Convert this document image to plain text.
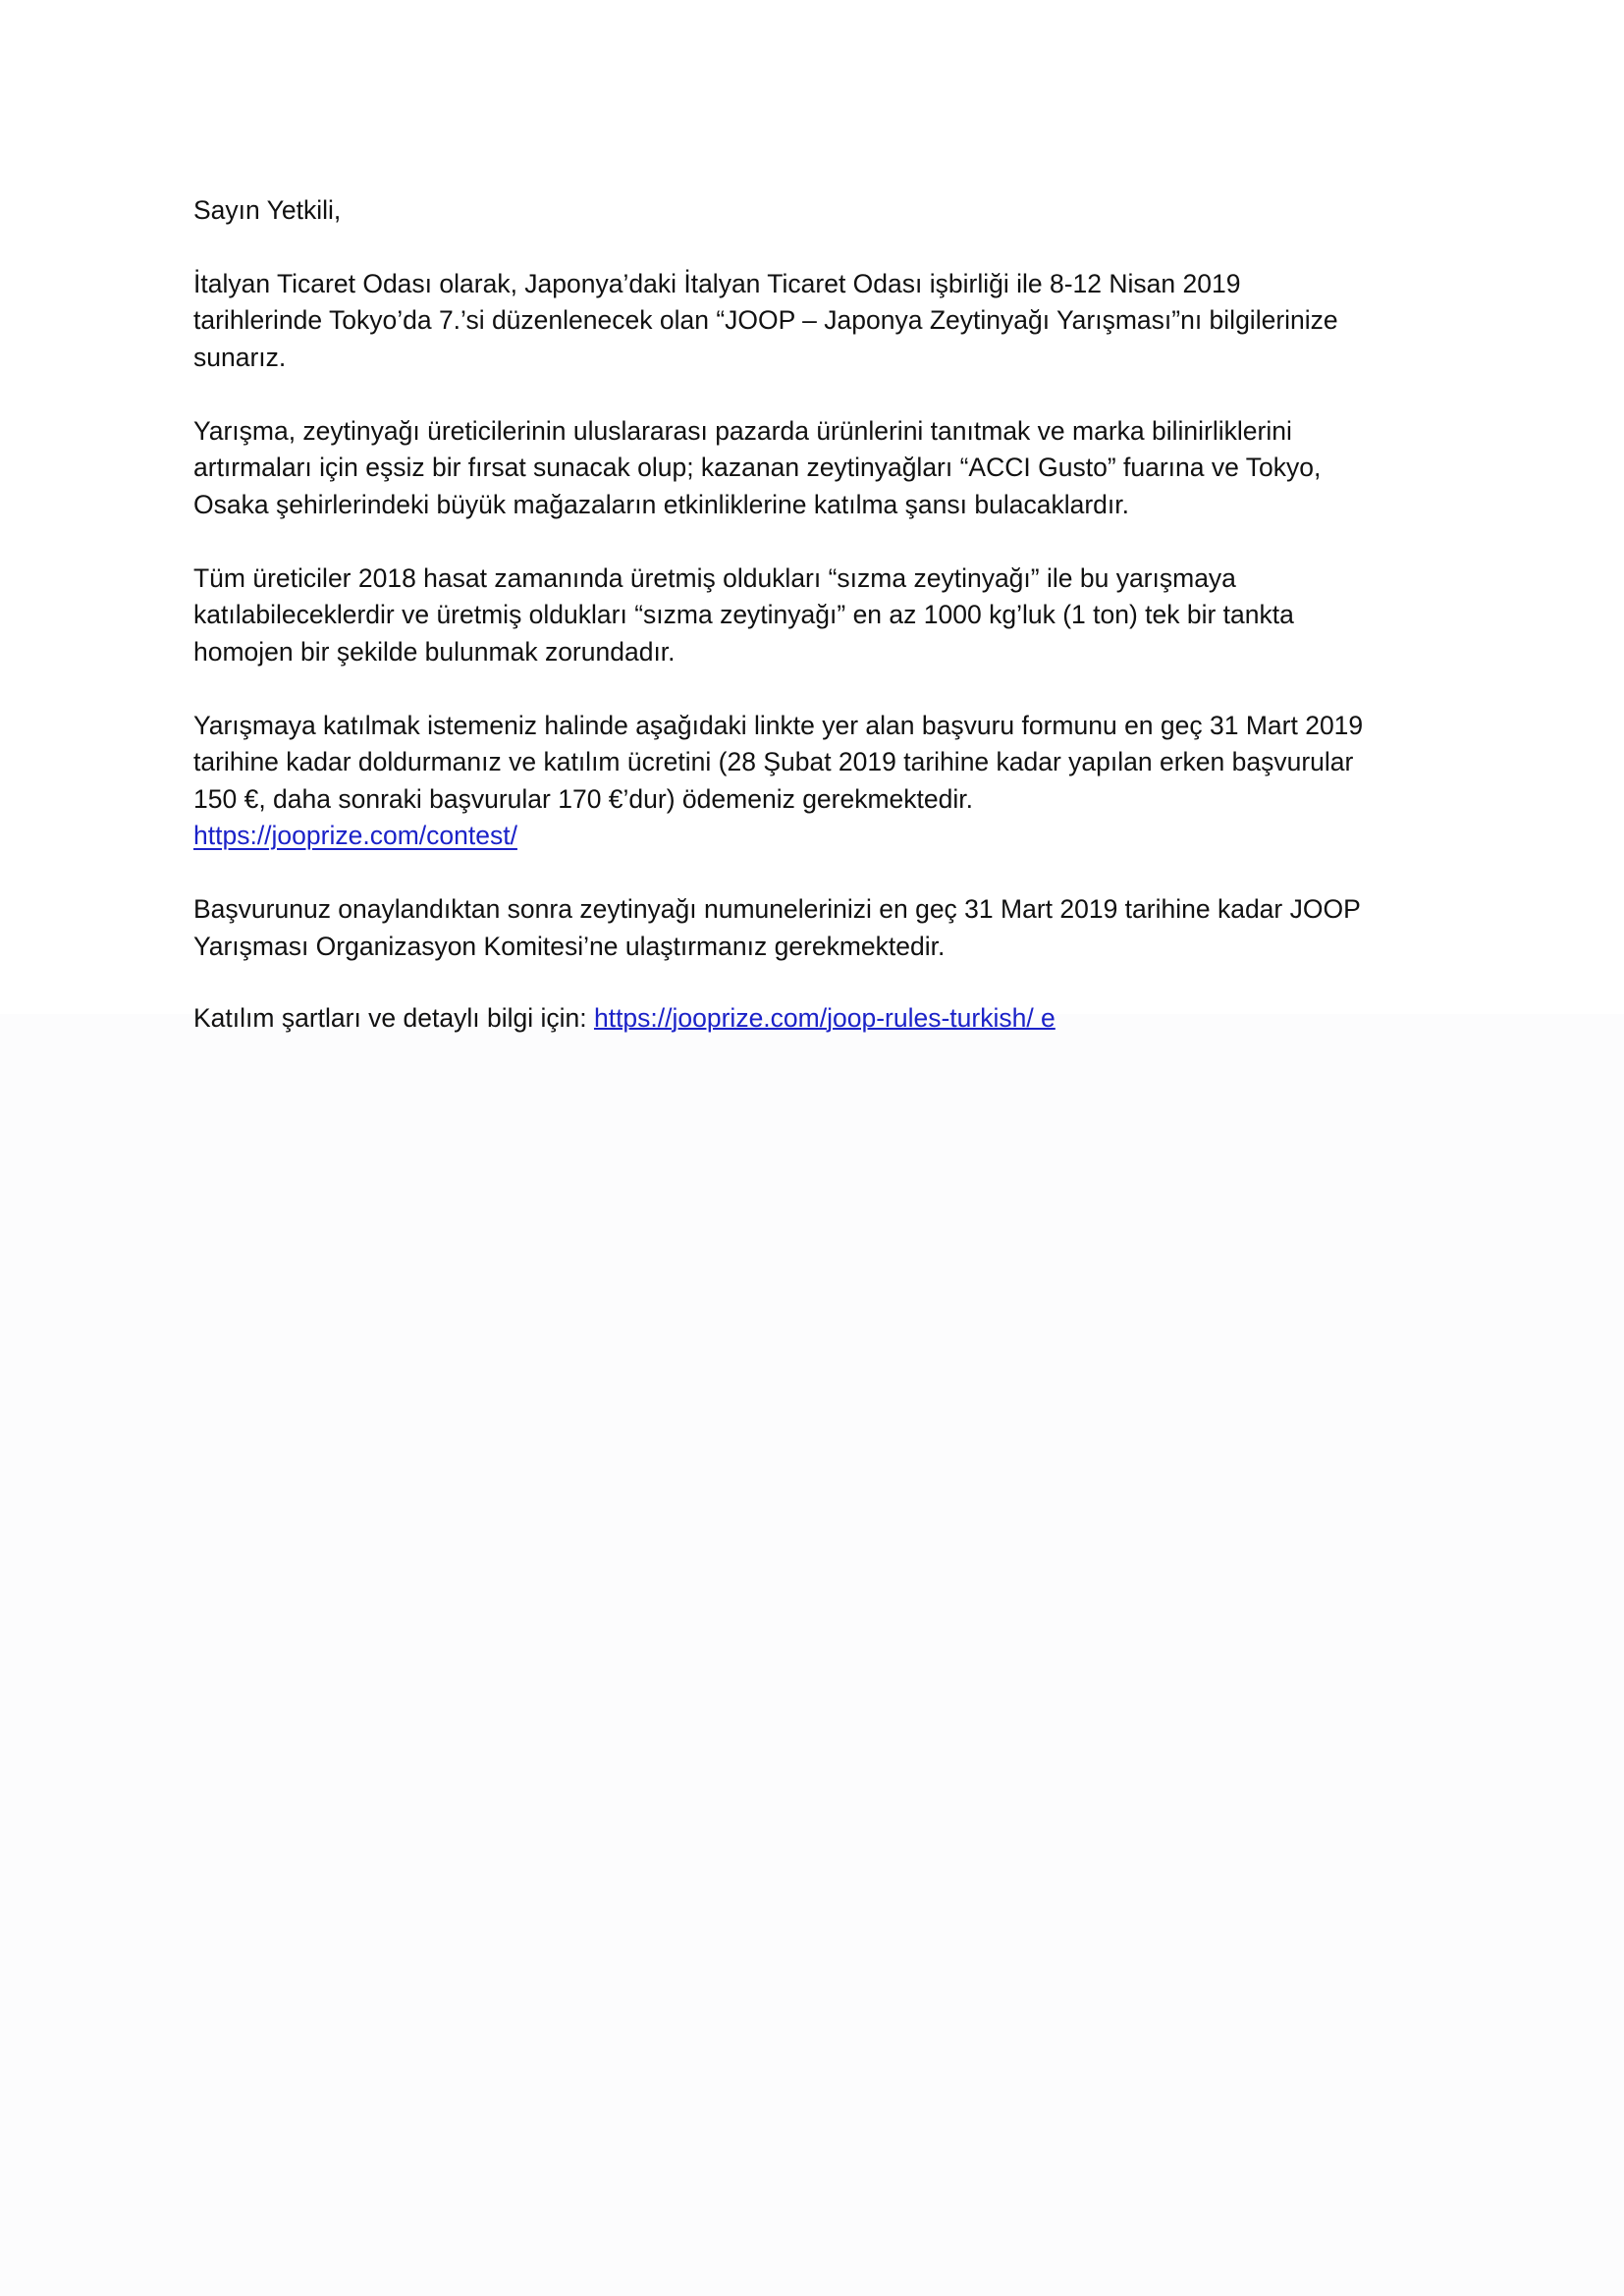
Sayın Yetkili,
İtalyan Ticaret Odası olarak, Japonya’daki İtalyan Ticaret Odası işbirliği ile 8-12 Nisan 2019
tarihlerinde Tokyo’da 7.’si düzenlenecek olan “JOOP – Japonya Zeytinyağı Yarışması”nı bilgilerinize
sunarız.
Yarışma, zeytinyağı üreticilerinin uluslararası pazarda ürünlerini tanıtmak ve marka bilinirliklerini
artırmaları için eşsiz bir fırsat sunacak olup; kazanan zeytinyağları “ACCI Gusto” fuarına ve Tokyo,
Osaka şehirlerindeki büyük mağazaların etkinliklerine katılma şansı bulacaklardır.
Tüm üreticiler 2018 hasat zamanında üretmiş oldukları “sızma zeytinyağı” ile bu yarışmaya
katılabileceklerdir ve üretmiş oldukları “sızma zeytinyağı” en az 1000 kg’luk (1 ton) tek bir tankta
homojen bir şekilde bulunmak zorundadır.
Yarışmaya katılmak istemeniz halinde aşağıdaki linkte yer alan başvuru formunu en geç 31 Mart 2019
tarihine kadar doldurmanız ve katılım ücretini (28 Şubat 2019 tarihine kadar yapılan erken başvurular
150 €, daha sonraki başvurular 170 €’dur) ödemeniz gerekmektedir.
https://jooprize.com/contest/
Başvurunuz onaylandıktan sonra zeytinyağı numunelerinizi en geç 31 Mart 2019 tarihine kadar JOOP
Yarışması Organizasyon Komitesi’ne ulaştırmanız gerekmektedir.
Katılım şartları ve detaylı bilgi için: https://jooprize.com/joop-rules-turkish/ e
